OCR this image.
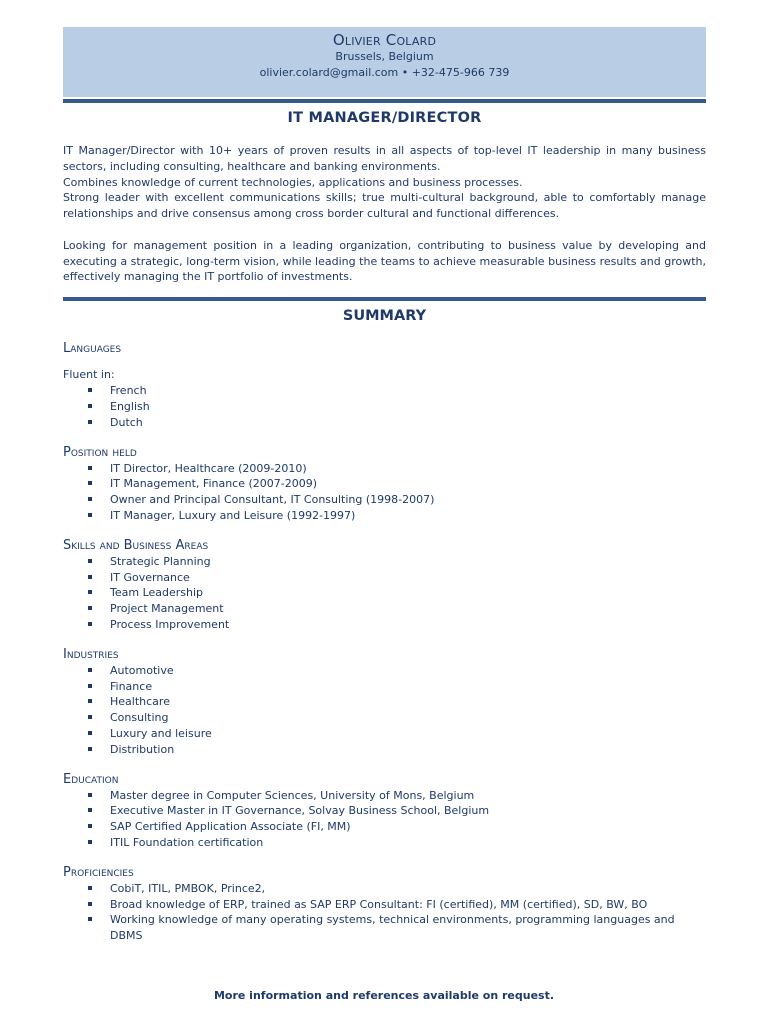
Olivier Colard
Brussels, Belgium
olivier.colard@gmail.com • +32-475-966 739
IT MANAGER/DIRECTOR

IT Manager/Director with 10+ years of proven results in all aspects of top-level IT leadership in many business sectors, including consulting, healthcare and banking environments.

Combines knowledge of current technologies, applications and business processes.

Strong leader with excellent communications skills; true multi-cultural background, able to comfortably manage relationships and drive consensus among cross border cultural and functional differences.

Looking for management position in a leading organization, contributing to business value by developing and executing a strategic, long-term vision, while leading the teams to achieve measurable business results and growth, effectively managing the IT portfolio of investments.

SUMMARY
Languages
Fluent in:
French
English
Dutch
Position held
IT Director, Healthcare (2009-2010)
IT Management, Finance (2007-2009)
Owner and Principal Consultant, IT Consulting (1998-2007)
IT Manager, Luxury and Leisure (1992-1997)
Skills and Business Areas
Strategic Planning
IT Governance
Team Leadership
Project Management
Process Improvement
Industries
Automotive
Finance
Healthcare
Consulting
Luxury and leisure
Distribution
Education
Master degree in Computer Sciences, University of Mons, Belgium
Executive Master in IT Governance, Solvay Business School, Belgium
SAP Certified Application Associate (FI, MM)
ITIL Foundation certification
Proficiencies
CobiT, ITIL, PMBOK, Prince2,
Broad knowledge of ERP, trained as SAP ERP Consultant: FI (certified), MM (certified), SD, BW, BO
Working knowledge of many operating systems, technical environments, programming languages and DBMS
More information and references available on request.
